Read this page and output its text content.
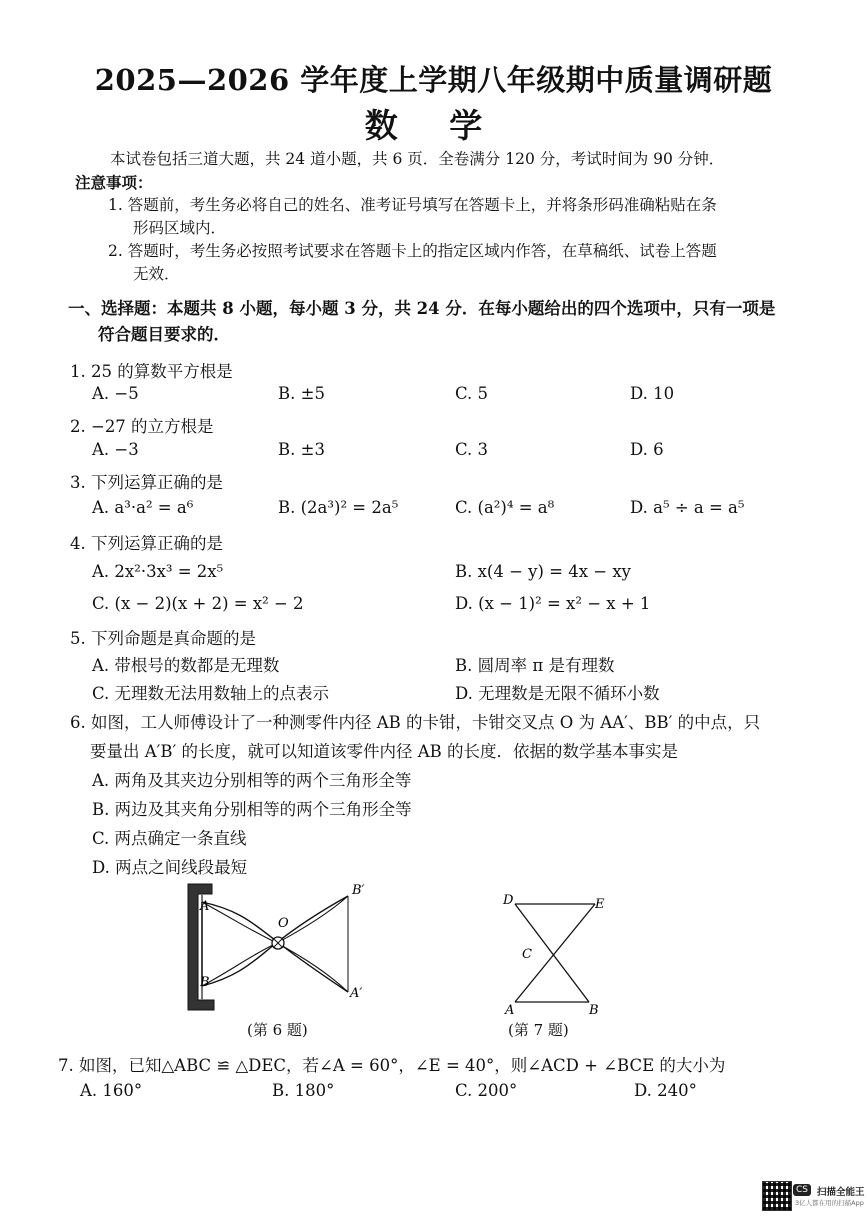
2025—2026 学年度上学期八年级期中质量调研题
数 学
本试卷包括三道大题，共 24 道小题，共 6 页．全卷满分 120 分，考试时间为 90 分钟．
注意事项：
1. 答题前，考生务必将自己的姓名、准考证号填写在答题卡上，并将条形码准确粘贴在条
形码区域内．
2. 答题时，考生务必按照考试要求在答题卡上的指定区域内作答，在草稿纸、试卷上答题
无效．
一、选择题：本题共 8 小题，每小题 3 分，共 24 分．在每小题给出的四个选项中，只有一项是
符合题目要求的．
1. 25 的算数平方根是
A. −5	B. ±5	C. 5	D. 10
2. −27 的立方根是
A. −3	B. ±3	C. 3	D. 6
3. 下列运算正确的是
A. a³·a² = a⁶	B. (2a³)² = 2a⁵	C. (a²)⁴ = a⁸	D. a⁵ ÷ a = a⁵
4. 下列运算正确的是
A. 2x²·3x³ = 2x⁵	B. x(4 − y) = 4x − xy
C. (x − 2)(x + 2) = x² − 2	D. (x − 1)² = x² − x + 1
5. 下列命题是真命题的是
A. 带根号的数都是无理数	B. 圆周率 π 是有理数
C. 无理数无法用数轴上的点表示	D. 无理数是无限不循环小数
6. 如图，工人师傅设计了一种测零件内径 AB 的卡钳，卡钳交叉点 O 为 AA′、BB′ 的中点，只
要量出 A′B′ 的长度，就可以知道该零件内径 AB 的长度．依据的数学基本事实是
A. 两角及其夹边分别相等的两个三角形全等
B. 两边及其夹角分别相等的两个三角形全等
C. 两点确定一条直线
D. 两点之间线段最短
A
B
O
B′
A′
(第 6 题)
D	E
C
A	B
(第 7 题)
7. 如图，已知△ABC ≌ △DEC，若∠A = 60°，∠E = 40°，则∠ACD + ∠BCE 的大小为
A. 160°	B. 180°	C. 200°	D. 240°
CS 扫描全能王
3亿人都在用的扫描App
